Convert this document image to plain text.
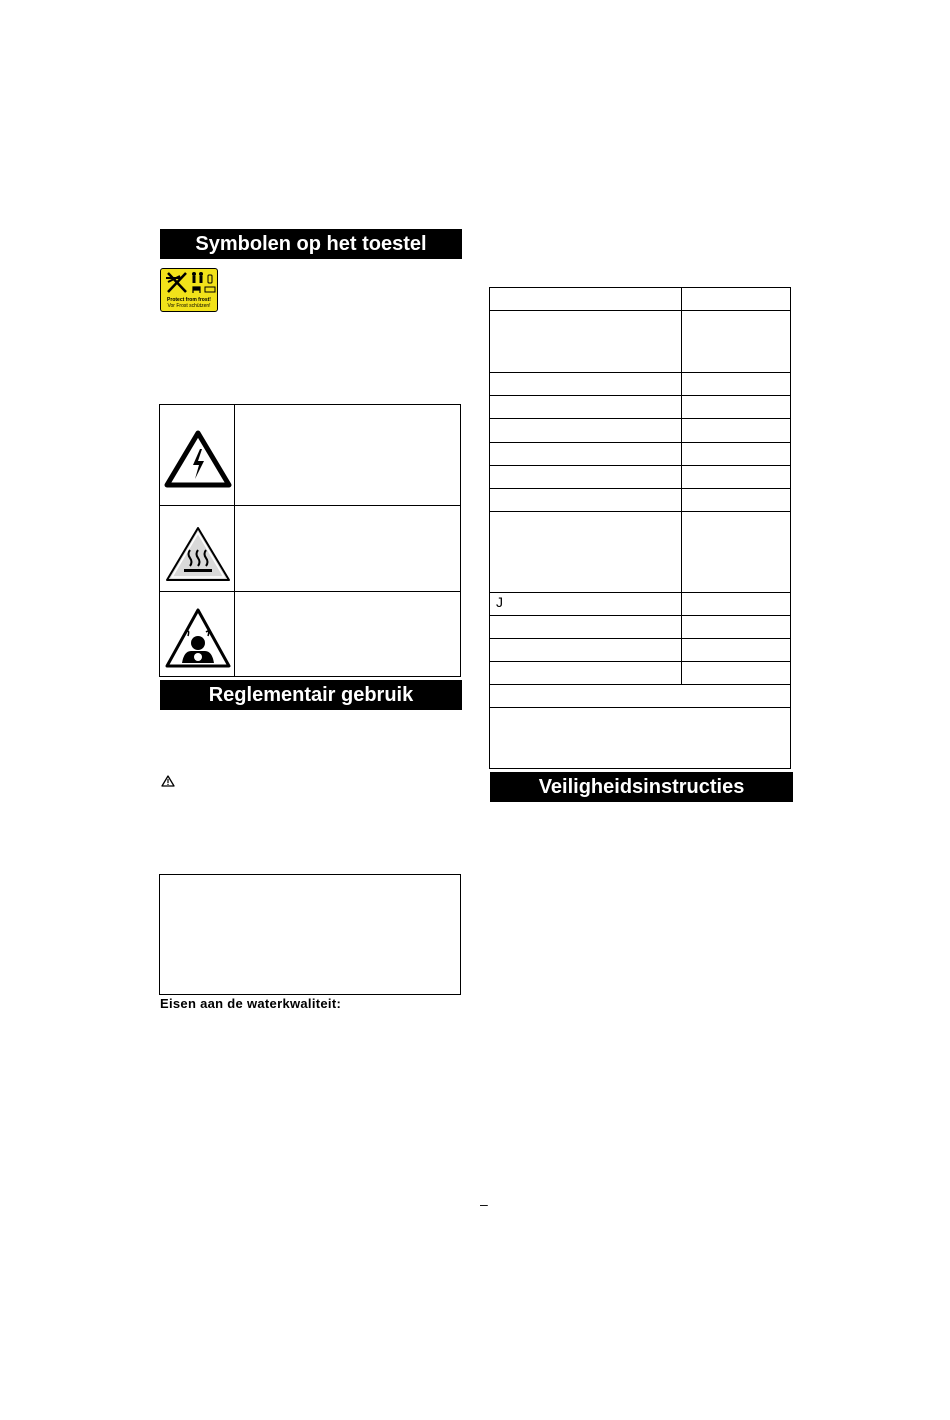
Symbolen op het toestel
Protect from frost!
Vor Frost schützen!
Reglementair gebruik
Eisen aan de waterkwaliteit:
J
Veiligheidsinstructies
–
